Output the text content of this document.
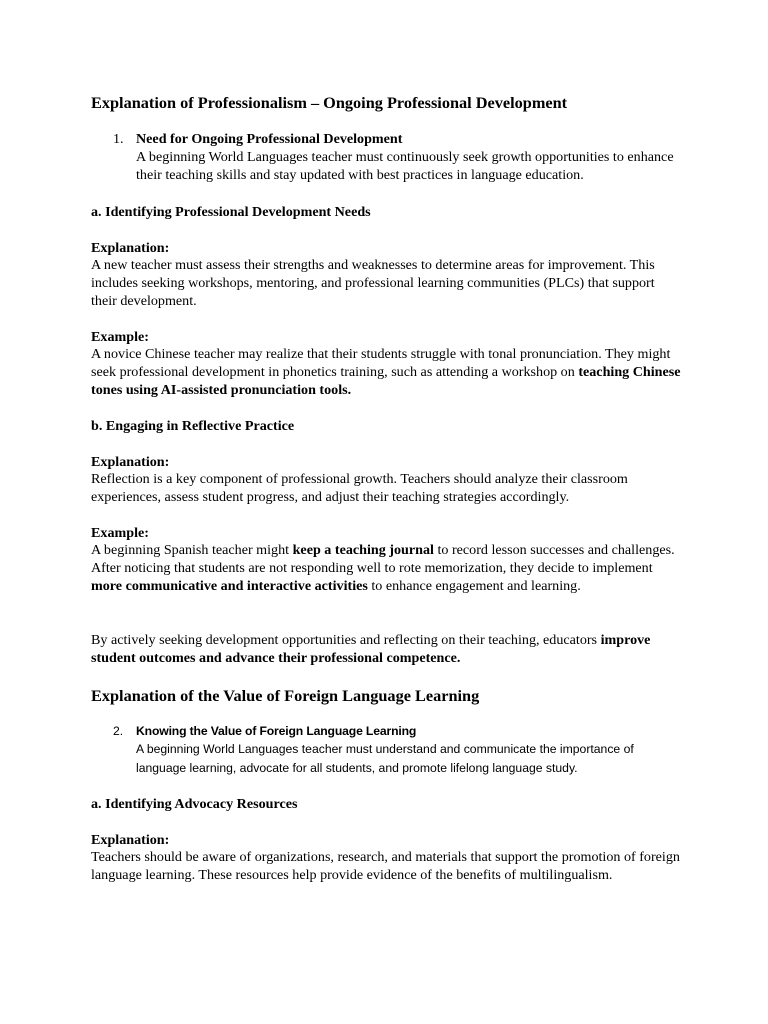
Explanation of Professionalism – Ongoing Professional Development
1. Need for Ongoing Professional Development
A beginning World Languages teacher must continuously seek growth opportunities to enhance their teaching skills and stay updated with best practices in language education.
a. Identifying Professional Development Needs
Explanation:
A new teacher must assess their strengths and weaknesses to determine areas for improvement. This includes seeking workshops, mentoring, and professional learning communities (PLCs) that support their development.
Example:
A novice Chinese teacher may realize that their students struggle with tonal pronunciation. They might seek professional development in phonetics training, such as attending a workshop on teaching Chinese tones using AI-assisted pronunciation tools.
b. Engaging in Reflective Practice
Explanation:
Reflection is a key component of professional growth. Teachers should analyze their classroom experiences, assess student progress, and adjust their teaching strategies accordingly.
Example:
A beginning Spanish teacher might keep a teaching journal to record lesson successes and challenges. After noticing that students are not responding well to rote memorization, they decide to implement more communicative and interactive activities to enhance engagement and learning.
By actively seeking development opportunities and reflecting on their teaching, educators improve student outcomes and advance their professional competence.
Explanation of the Value of Foreign Language Learning
2. Knowing the Value of Foreign Language Learning
A beginning World Languages teacher must understand and communicate the importance of language learning, advocate for all students, and promote lifelong language study.
a. Identifying Advocacy Resources
Explanation:
Teachers should be aware of organizations, research, and materials that support the promotion of foreign language learning. These resources help provide evidence of the benefits of multilingualism.
